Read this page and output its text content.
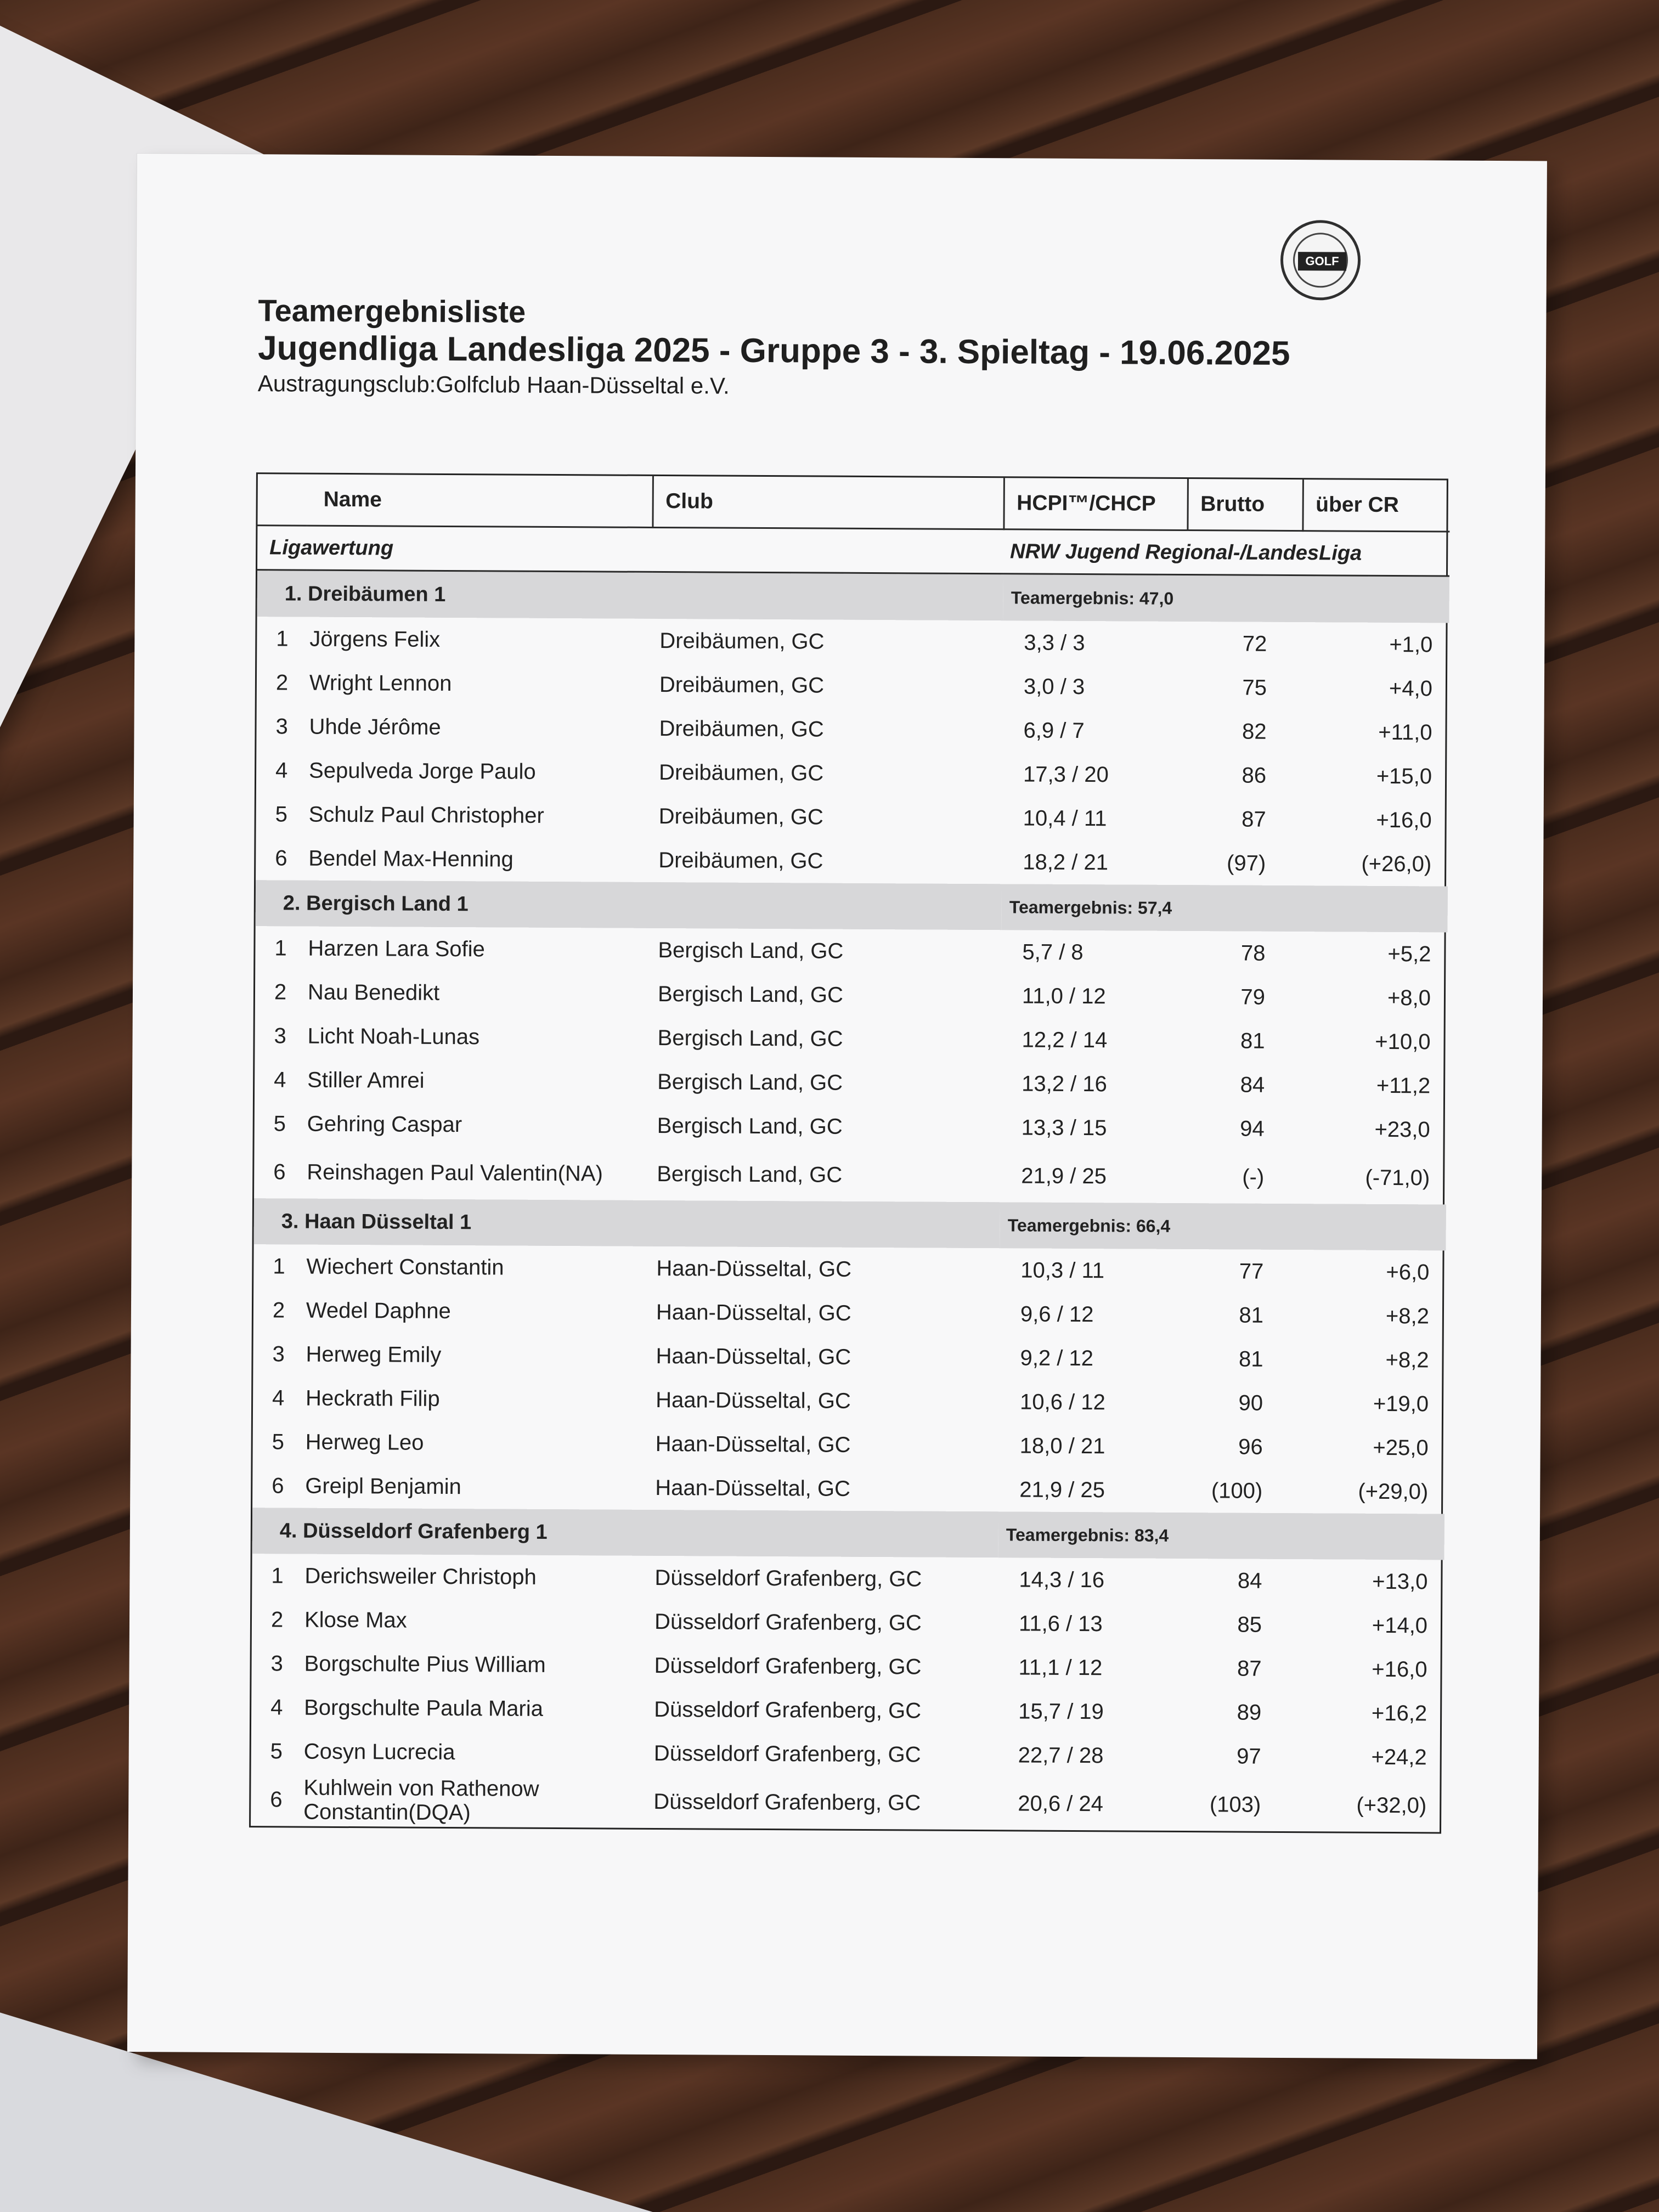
GOLF
Teamergebnisliste
Jugendliga Landesliga 2025 - Gruppe 3 - 3. Spieltag - 19.06.2025
Austragungsclub:Golfclub Haan-Düsseltal e.V.
Name		Club	HCPI™/CHCP	Brutto	über CR
Ligawertung			NRW Jugend Regional-/LandesLiga		
1. Dreibäumen 1			Teamergebnis: 47,0		
1	Jörgens Felix	Dreibäumen, GC	3,3 / 3	72	+1,0
2	Wright Lennon	Dreibäumen, GC	3,0 / 3	75	+4,0
3	Uhde Jérôme	Dreibäumen, GC	6,9 / 7	82	+11,0
4	Sepulveda Jorge Paulo	Dreibäumen, GC	17,3 / 20	86	+15,0
5	Schulz Paul Christopher	Dreibäumen, GC	10,4 / 11	87	+16,0
6	Bendel Max-Henning	Dreibäumen, GC	18,2 / 21	(97)	(+26,0)
2. Bergisch Land 1			Teamergebnis: 57,4		
1	Harzen Lara Sofie	Bergisch Land, GC	5,7 / 8	78	+5,2
2	Nau Benedikt	Bergisch Land, GC	11,0 / 12	79	+8,0
3	Licht Noah-Lunas	Bergisch Land, GC	12,2 / 14	81	+10,0
4	Stiller Amrei	Bergisch Land, GC	13,2 / 16	84	+11,2
5	Gehring Caspar	Bergisch Land, GC	13,3 / 15	94	+23,0
6	Reinshagen Paul Valentin(NA)	Bergisch Land, GC	21,9 / 25	(-)	(-71,0)
3. Haan Düsseltal 1			Teamergebnis: 66,4		
1	Wiechert Constantin	Haan-Düsseltal, GC	10,3 / 11	77	+6,0
2	Wedel Daphne	Haan-Düsseltal, GC	9,6 / 12	81	+8,2
3	Herweg Emily	Haan-Düsseltal, GC	9,2 / 12	81	+8,2
4	Heckrath Filip	Haan-Düsseltal, GC	10,6 / 12	90	+19,0
5	Herweg Leo	Haan-Düsseltal, GC	18,0 / 21	96	+25,0
6	Greipl Benjamin	Haan-Düsseltal, GC	21,9 / 25	(100)	(+29,0)
4. Düsseldorf Grafenberg 1			Teamergebnis: 83,4		
1	Derichsweiler Christoph	Düsseldorf Grafenberg, GC	14,3 / 16	84	+13,0
2	Klose Max	Düsseldorf Grafenberg, GC	11,6 / 13	85	+14,0
3	Borgschulte Pius William	Düsseldorf Grafenberg, GC	11,1 / 12	87	+16,0
4	Borgschulte Paula Maria	Düsseldorf Grafenberg, GC	15,7 / 19	89	+16,2
5	Cosyn Lucrecia	Düsseldorf Grafenberg, GC	22,7 / 28	97	+24,2
6	Kuhlwein von Rathenow Constantin(DQA)	Düsseldorf Grafenberg, GC	20,6 / 24	(103)	(+32,0)
